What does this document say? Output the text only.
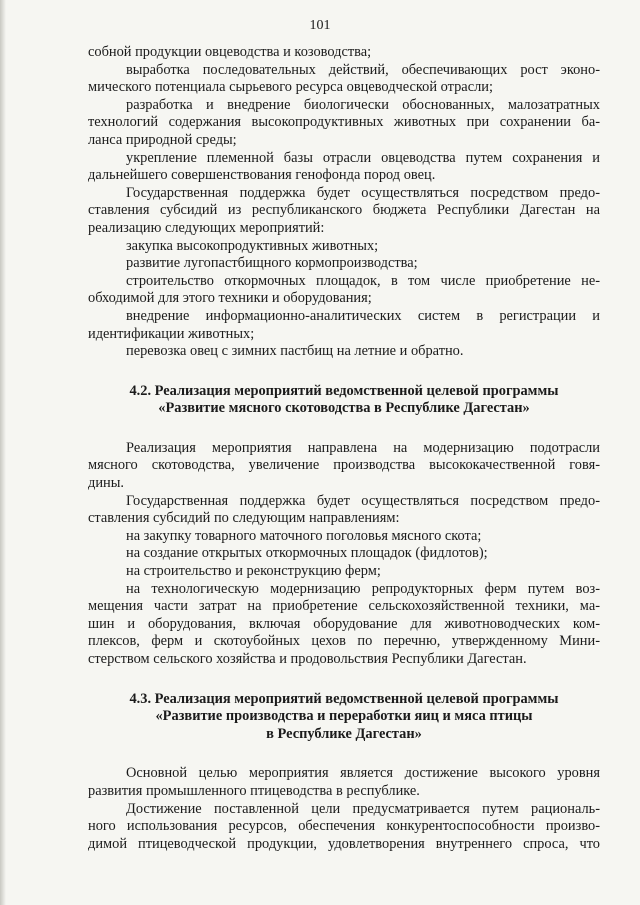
101
собной продукции овцеводства и козоводства;
выработка последовательных действий, обеспечивающих рост эконо-
мического потенциала сырьевого ресурса овцеводческой отрасли;
разработка и внедрение биологически обоснованных, малозатратных
технологий содержания высокопродуктивных животных при сохранении ба-
ланса природной среды;
укрепление племенной базы отрасли овцеводства путем сохранения и
дальнейшего совершенствования генофонда пород овец.
Государственная поддержка будет осуществляться посредством предо-
ставления субсидий из республиканского бюджета Республики Дагестан на
реализацию следующих мероприятий:
закупка высокопродуктивных животных;
развитие лугопастбищного кормопроизводства;
строительство откормочных площадок, в том числе приобретение не-
обходимой для этого техники и оборудования;
внедрение информационно-аналитических систем в регистрации и
идентификации животных;
перевозка овец с зимних пастбищ на летние и обратно.
4.2. Реализация мероприятий ведомственной целевой программы
«Развитие мясного скотоводства в Республике Дагестан»
Реализация мероприятия направлена на модернизацию подотрасли
мясного скотоводства, увеличение производства высококачественной говя-
дины.
Государственная поддержка будет осуществляться посредством предо-
ставления субсидий по следующим направлениям:
на закупку товарного маточного поголовья мясного скота;
на создание открытых откормочных площадок (фидлотов);
на строительство и реконструкцию ферм;
на технологическую модернизацию репродукторных ферм путем воз-
мещения части затрат на приобретение сельскохозяйственной техники, ма-
шин и оборудования, включая оборудование для животноводческих ком-
плексов, ферм и скотоубойных цехов по перечню, утвержденному Мини-
стерством сельского хозяйства и продовольствия Республики Дагестан.
4.3. Реализация мероприятий ведомственной целевой программы
«Развитие производства и переработки яиц и мяса птицы
в Республике Дагестан»
Основной целью мероприятия является достижение высокого уровня
развития промышленного птицеводства в республике.
Достижение поставленной цели предусматривается путем рациональ-
ного использования ресурсов, обеспечения конкурентоспособности произво-
димой птицеводческой продукции, удовлетворения внутреннего спроса, что
